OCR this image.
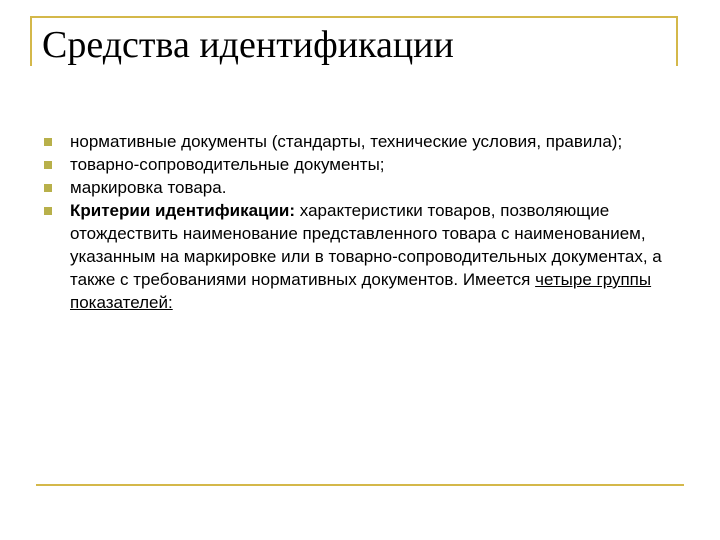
Средства идентификации
нормативные документы (стандарты, технические условия, правила);
товарно-сопроводительные документы;
маркировка товара.
Критерии идентификации: характеристики товаров, позволяющие отождествить наименование представленного товара с наименованием, указанным на маркировке или в товарно-сопроводительных документах, а также с требованиями нормативных документов. Имеется четыре группы показателей:
